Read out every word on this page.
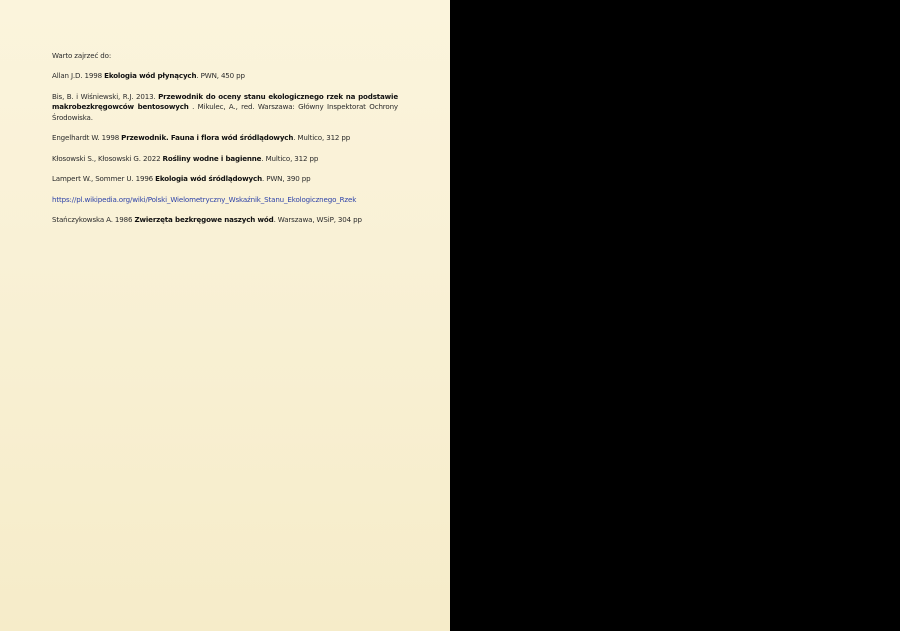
Warto zajrzeć do:

Allan J.D. 1998 Ekologia wód płynących. PWN, 450 pp

Bis, B. i Wiśniewski, R.J. 2013. Przewodnik do oceny stanu ekologicznego rzek na podstawie makrobezkręgowców bentosowych . Mikulec, A., red. Warszawa: Główny Inspektorat Ochrony Środowiska.

Engelhardt W. 1998 Przewodnik. Fauna i flora wód śródlądowych. Multico, 312 pp

Kłosowski S., Kłosowski G. 2022 Rośliny wodne i bagienne. Multico, 312 pp

Lampert W., Sommer U. 1996 Ekologia wód śródlądowych. PWN, 390 pp

https://pl.wikipedia.org/wiki/Polski_Wielometryczny_Wskaźnik_Stanu_Ekologicznego_Rzek

Stańczykowska A. 1986 Zwierzęta bezkręgowe naszych wód. Warszawa, WSiP, 304 pp
